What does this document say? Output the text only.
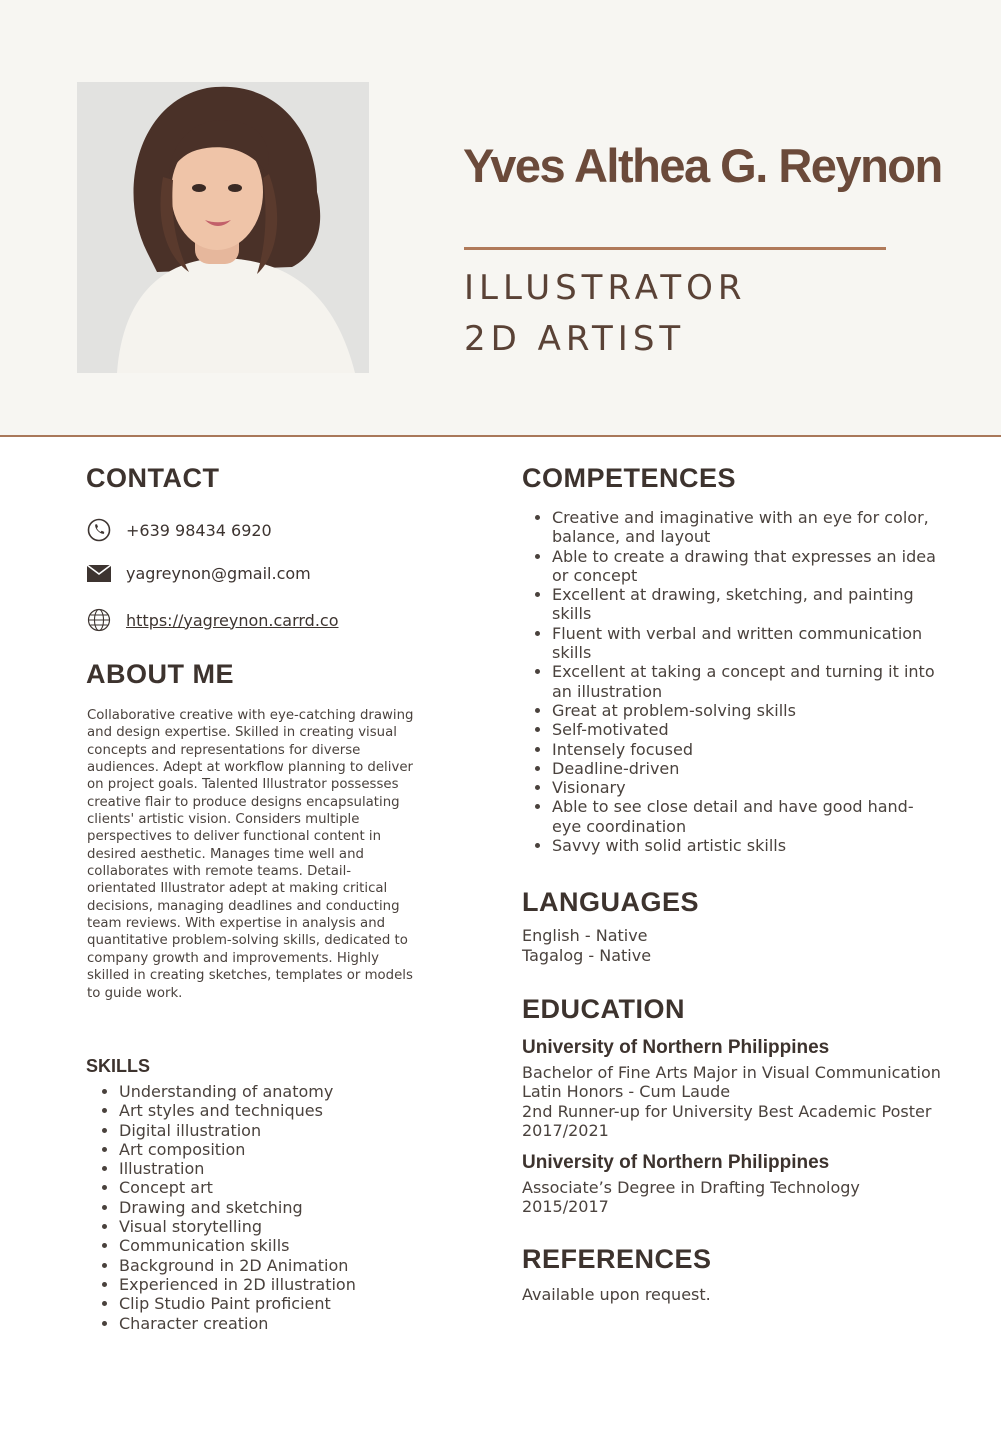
Yves Althea G. Reynon
ILLUSTRATOR
2D ARTIST
CONTACT
+639 98434 6920
yagreynon@gmail.com
https://yagreynon.carrd.co
ABOUT ME

Collaborative creative with eye-catching drawing and design expertise. Skilled in creating visual concepts and representations for diverse audiences. Adept at workflow planning to deliver on project goals. Talented Illustrator possesses creative flair to produce designs encapsulating clients' artistic vision. Considers multiple perspectives to deliver functional content in desired aesthetic. Manages time well and collaborates with remote teams. Detail-orientated Illustrator adept at making critical decisions, managing deadlines and conducting team reviews. With expertise in analysis and quantitative problem-solving skills, dedicated to company growth and improvements. Highly skilled in creating sketches, templates or models to guide work.

SKILLS
• Understanding of anatomy
• Art styles and techniques
• Digital illustration
• Art composition
• Illustration
• Concept art
• Drawing and sketching
• Visual storytelling
• Communication skills
• Background in 2D Animation
• Experienced in 2D illustration
• Clip Studio Paint proficient
• Character creation
COMPETENCES
• Creative and imaginative with an eye for color, balance, and layout
• Able to create a drawing that expresses an idea or concept
• Excellent at drawing, sketching, and painting skills
• Fluent with verbal and written communication skills
• Excellent at taking a concept and turning it into an illustration
• Great at problem-solving skills
• Self-motivated
• Intensely focused
• Deadline-driven
• Visionary
• Able to see close detail and have good hand-eye coordination
• Savvy with solid artistic skills
LANGUAGES
English - Native
Tagalog - Native
EDUCATION
University of Northern Philippines
Bachelor of Fine Arts Major in Visual Communication
Latin Honors - Cum Laude
2nd Runner-up for University Best Academic Poster
2017/2021
University of Northern Philippines
Associate’s Degree in Drafting Technology
2015/2017
REFERENCES
Available upon request.
